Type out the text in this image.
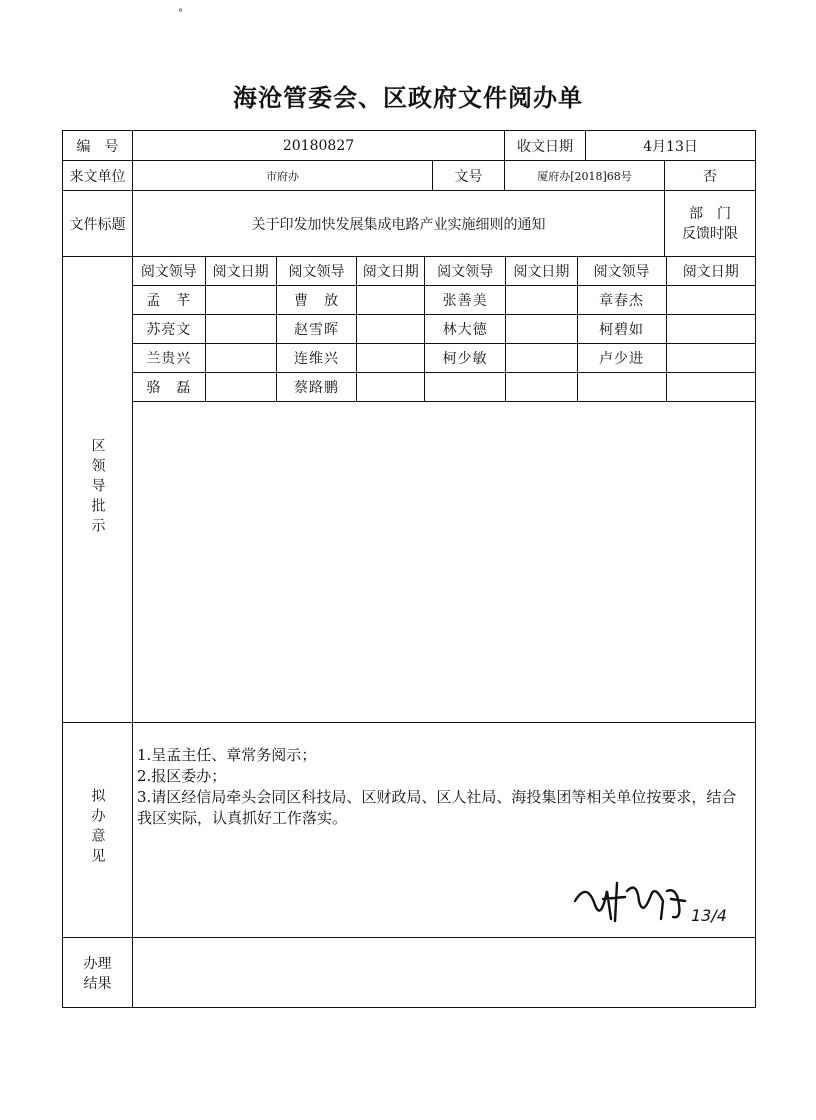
°
海沧管委会、区政府文件阅办单
编　号	20180827		收文日期	4月13日

来文单位	市府办	文号	厦府办[2018]68号		否

文件标题	关于印发加快发展集成电路产业实施细则的通知	
部　门
反馈时限

区领导批示	
阅文领导	阅文日期	阅文领导	阅文日期	阅文领导	阅文日期	阅文领导	阅文日期
孟　芊		曹　放		张善美		章春杰	
苏亮文		赵雪晖		林大德		柯碧如	
兰贵兴		连维兴		柯少敏		卢少进	
骆　磊		蔡路鹏					

拟办意见	
1.呈孟主任、章常务阅示；
2.报区委办；
3.请区经信局牵头会同区科技局、区财政局、区人社局、海投集团等相关单位按要求，结合我区实际，认真抓好工作落实。
13/4

办理
结果
